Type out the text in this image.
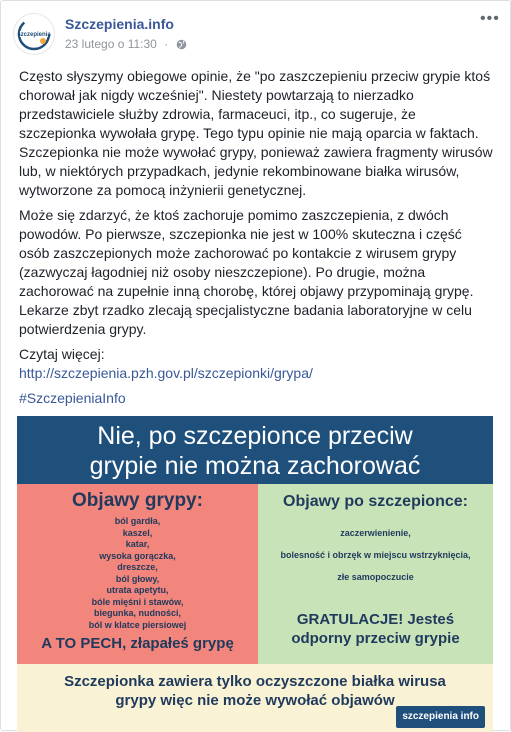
szczepienia
Szczepienia.info
23 lutego o 11:30 ·
•••

Często słyszymy obiegowe opinie, że "po zaszczepieniu przeciw grypie ktoś chorował jak nigdy wcześniej". Niestety powtarzają to nierzadko przedstawiciele służby zdrowia, farmaceuci, itp., co sugeruje, że szczepionka wywołała grypę. Tego typu opinie nie mają oparcia w faktach. Szczepionka nie może wywołać grypy, ponieważ zawiera fragmenty wirusów lub, w niektórych przypadkach, jedynie rekombinowane białka wirusów, wytworzone za pomocą inżynierii genetycznej.

Może się zdarzyć, że ktoś zachoruje pomimo zaszczepienia, z dwóch powodów. Po pierwsze, szczepionka nie jest w 100% skuteczna i część osób zaszczepionych może zachorować po kontakcie z wirusem grypy (zazwyczaj łagodniej niż osoby nieszczepione). Po drugie, można zachorować na zupełnie inną chorobę, której objawy przypominają grypę. Lekarze zbyt rzadko zlecają specjalistyczne badania laboratoryjne w celu potwierdzenia grypy.

Czytaj więcej:

http://szczepienia.pzh.gov.pl/szczepionki/grypa/

#SzczepieniaInfo

Nie, po szczepionce przeciw
grypie nie można zachorować
Objawy grypy:
ból gardła,
kaszel,
katar,
wysoka gorączka,
dreszcze,
ból głowy,
utrata apetytu,
bóle mięśni i stawów,
biegunka, nudności,
ból w klatce piersiowej
A TO PECH, złapałeś grypę
Objawy po szczepionce:
zaczerwienienie,
bolesność i obrzęk w miejscu wstrzyknięcia,
złe samopoczucie
GRATULACJE! Jesteś
odporny przeciw grypie
Szczepionka zawiera tylko oczyszczone białka wirusa
grypy więc nie może wywołać objawów
szczepienia info
